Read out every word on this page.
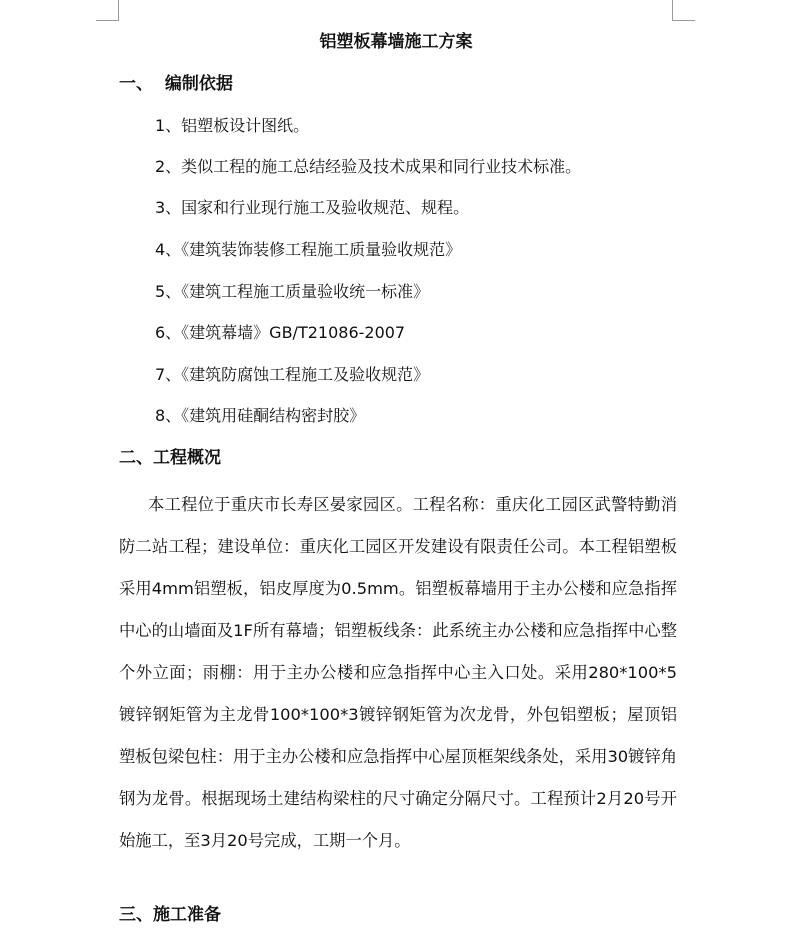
铝塑板幕墙施工方案
一、  编制依据
1、铝塑板设计图纸。
2、类似工程的施工总结经验及技术成果和同行业技术标准。
3、国家和行业现行施工及验收规范、规程。
4、《建筑装饰装修工程施工质量验收规范》
5、《建筑工程施工质量验收统一标准》
6、《建筑幕墙》GB/T21086-2007
7、《建筑防腐蚀工程施工及验收规范》
8、《建筑用硅酮结构密封胶》
二、工程概况
本工程位于重庆市长寿区晏家园区。工程名称：重庆化工园区武警特勤消防二站工程；建设单位：重庆化工园区开发建设有限责任公司。本工程铝塑板采用4mm铝塑板，铝皮厚度为0.5mm。铝塑板幕墙用于主办公楼和应急指挥中心的山墙面及1F所有幕墙；铝塑板线条：此系统主办公楼和应急指挥中心整个外立面；雨棚：用于主办公楼和应急指挥中心主入口处。采用280*100*5镀锌钢矩管为主龙骨100*100*3镀锌钢矩管为次龙骨，外包铝塑板；屋顶铝塑板包梁包柱：用于主办公楼和应急指挥中心屋顶框架线条处，采用30镀锌角钢为龙骨。根据现场土建结构梁柱的尺寸确定分隔尺寸。工程预计2月20号开始施工，至3月20号完成，工期一个月。
三、施工准备
